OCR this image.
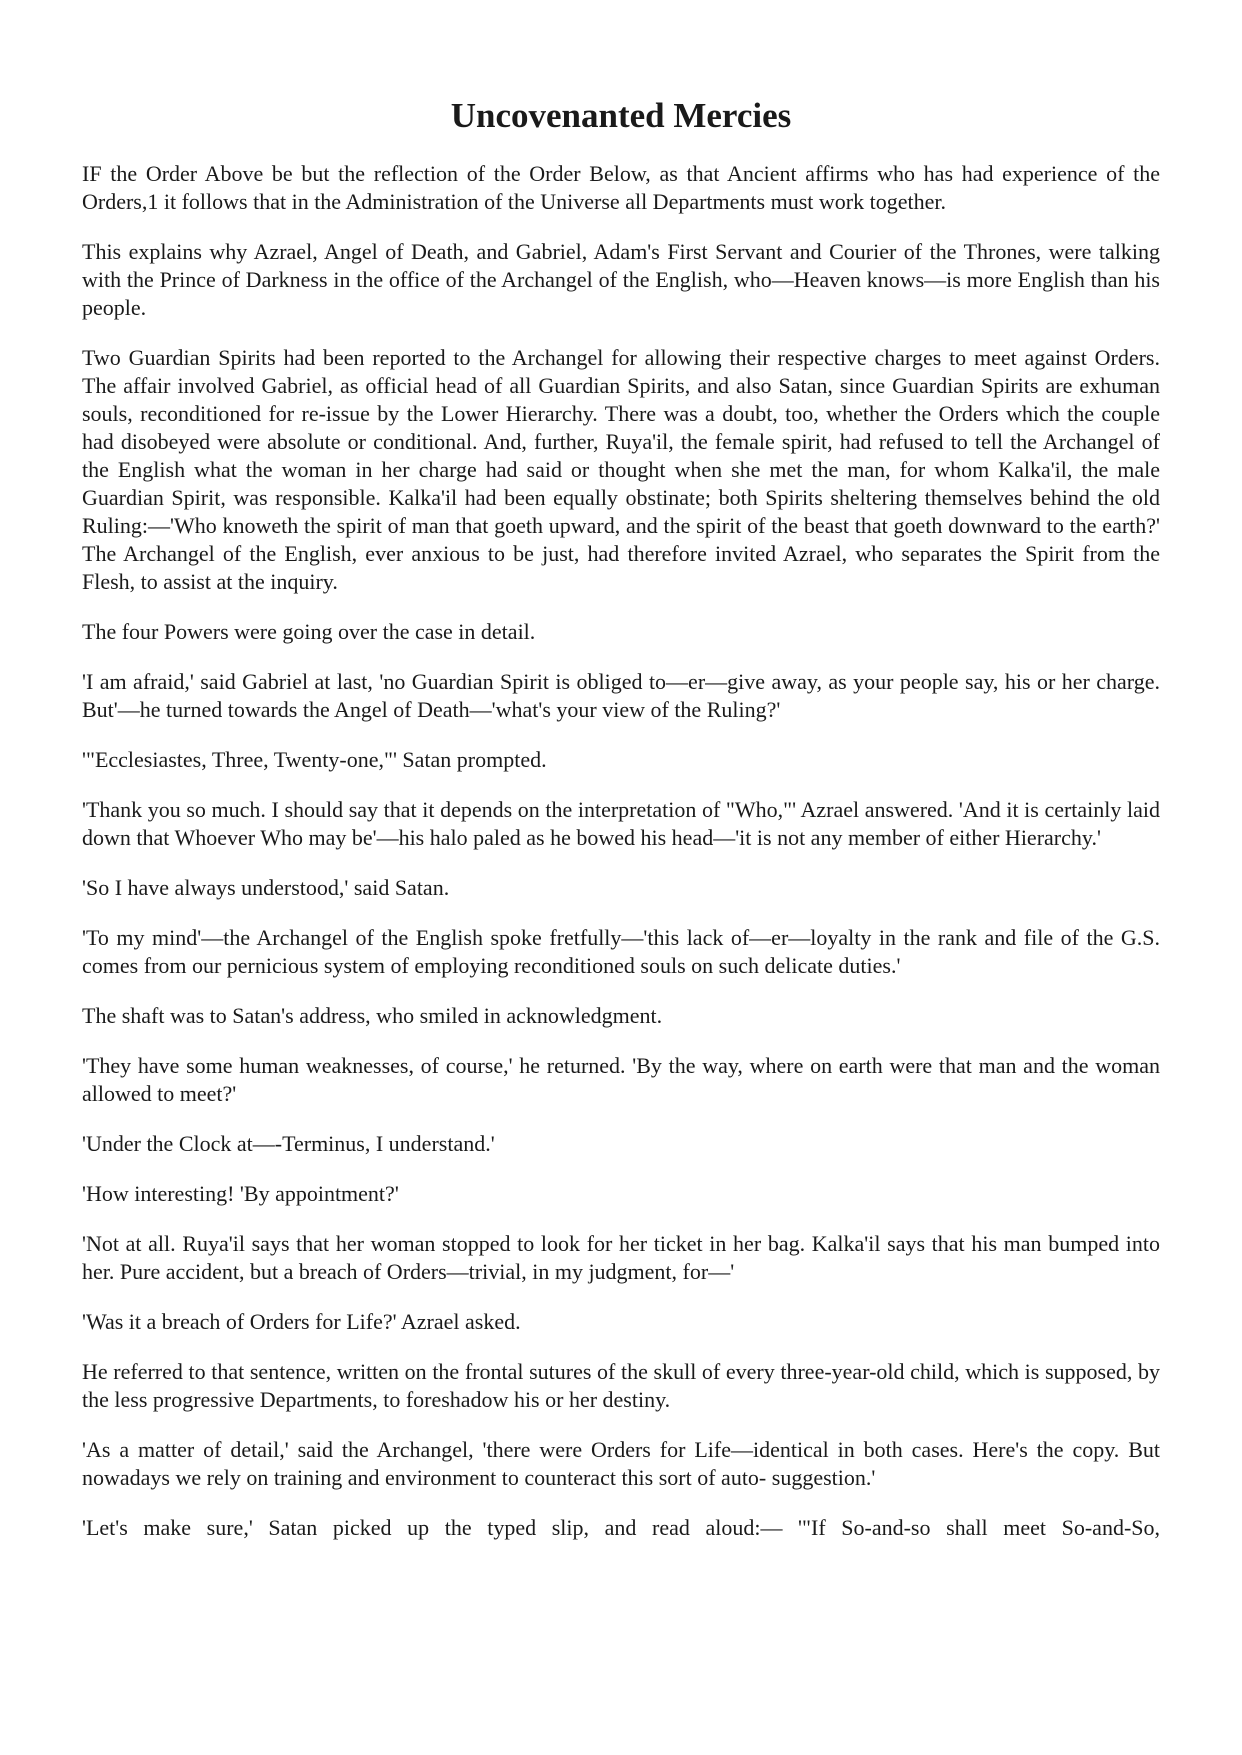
Uncovenanted Mercies

IF the Order Above be but the reflection of the Order Below, as that Ancient affirms who has had experience of the Orders,1 it follows that in the Administration of the Universe all Departments must work together.

This explains why Azrael, Angel of Death, and Gabriel, Adam's First Servant and Courier of the Thrones, were talking with the Prince of Darkness in the office of the Archangel of the English, who—Heaven knows—is more English than his people.

Two Guardian Spirits had been reported to the Archangel for allowing their respective charges to meet against Orders. The affair involved Gabriel, as official head of all Guardian Spirits, and also Satan, since Guardian Spirits are exhuman souls, reconditioned for re-issue by the Lower Hierarchy. There was a doubt, too, whether the Orders which the couple had disobeyed were absolute or conditional. And, further, Ruya'il, the female spirit, had refused to tell the Archangel of the English what the woman in her charge had said or thought when she met the man, for whom Kalka'il, the male Guardian Spirit, was responsible. Kalka'il had been equally obstinate; both Spirits sheltering themselves behind the old Ruling:—'Who knoweth the spirit of man that goeth upward, and the spirit of the beast that goeth downward to the earth?' The Archangel of the English, ever anxious to be just, had therefore invited Azrael, who separates the Spirit from the Flesh, to assist at the inquiry.

The four Powers were going over the case in detail.

'I am afraid,' said Gabriel at last, 'no Guardian Spirit is obliged to—er—give away, as your people say, his or her charge. But'—he turned towards the Angel of Death—'what's your view of the Ruling?'

'"Ecclesiastes, Three, Twenty-one,"' Satan prompted.

'Thank you so much. I should say that it depends on the interpretation of "Who,"' Azrael answered. 'And it is certainly laid down that Whoever Who may be'—his halo paled as he bowed his head—'it is not any member of either Hierarchy.'

'So I have always understood,' said Satan.

'To my mind'—the Archangel of the English spoke fretfully—'this lack of—er—loyalty in the rank and file of the G.S. comes from our pernicious system of employing reconditioned souls on such delicate duties.'

The shaft was to Satan's address, who smiled in acknowledgment.

'They have some human weaknesses, of course,' he returned. 'By the way, where on earth were that man and the woman allowed to meet?'

'Under the Clock at—-Terminus, I understand.'

'How interesting! 'By appointment?'

'Not at all. Ruya'il says that her woman stopped to look for her ticket in her bag. Kalka'il says that his man bumped into her. Pure accident, but a breach of Orders—trivial, in my judgment, for—'

'Was it a breach of Orders for Life?' Azrael asked.

He referred to that sentence, written on the frontal sutures of the skull of every three-year-old child, which is supposed, by the less progressive Departments, to foreshadow his or her destiny.

'As a matter of detail,' said the Archangel, 'there were Orders for Life—identical in both cases. Here's the copy. But nowadays we rely on training and environment to counteract this sort of auto- suggestion.'

'Let's make sure,' Satan picked up the typed slip, and read aloud:— '"If So-and-so shall meet So-and-So,
